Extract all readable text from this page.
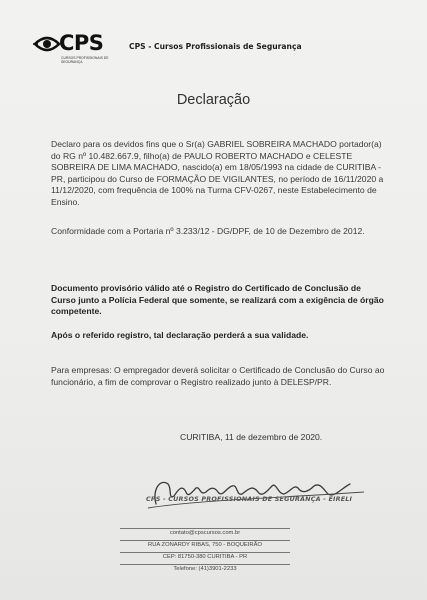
CPS
CURSOS PROFISSIONAIS DE SEGURANÇA
CPS - Cursos Profissionais de Segurança
Declaração

Declaro para os devidos fins que o Sr(a) GABRIEL SOBREIRA MACHADO portador(a) do RG nº 10.482.667.9, filho(a) de PAULO ROBERTO MACHADO e CELESTE SOBREIRA DE LIMA MACHADO, nascido(a) em 18/05/1993 na cidade de CURITIBA - PR, participou do Curso de FORMAÇÃO DE VIGILANTES, no período de 16/11/2020 a 11/12/2020, com frequência de 100% na Turma CFV-0267, neste Estabelecimento de Ensino.

Conformidade com a Portaria nº 3.233/12 - DG/DPF, de 10 de Dezembro de 2012.

Documento provisório válido até o Registro do Certificado de Conclusão de Curso junto a Polícia Federal que somente, se realizará com a exigência de órgão competente.

Após o referido registro, tal declaração perderá a sua validade.

Para empresas: O empregador deverá solicitar o Certificado de Conclusão do Curso ao funcionário, a fim de comprovar o Registro realizado junto à DELESP/PR.

CURITIBA, 11 de dezembro de 2020.
CPS - CURSOS PROFISSIONAIS DE SEGURANÇA - EIRELI
contato@cpscursos.com.br
RUA ZONARDY RIBAS, 750 - BOQUEIRÃO
CEP: 81750-380 CURITIBA - PR
Telefone: (41)3901-2233
